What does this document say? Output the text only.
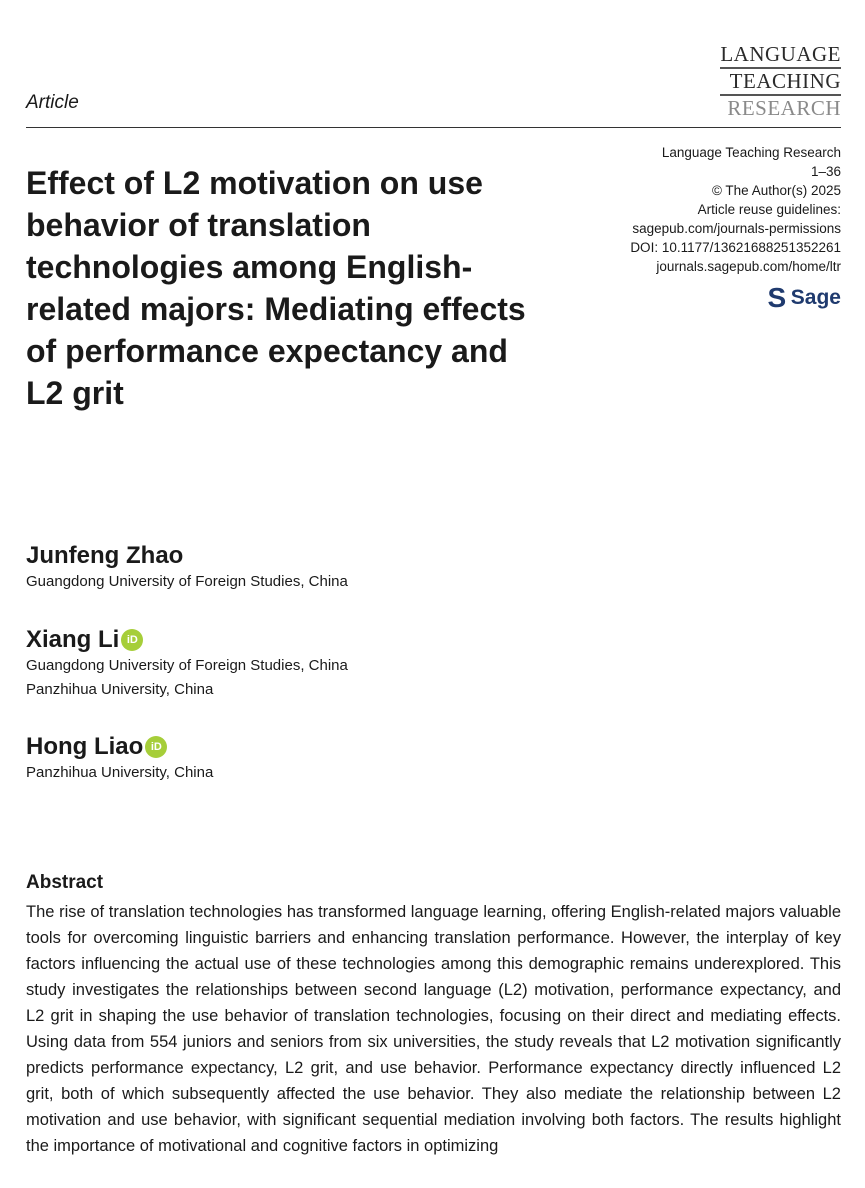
Article
LANGUAGE
TEACHING
RESEARCH
Language Teaching Research
1–36
© The Author(s) 2025
Article reuse guidelines:
sagepub.com/journals-permissions
DOI: 10.1177/13621688251352261
journals.sagepub.com/home/ltr
S Sage
Effect of L2 motivation on use behavior of translation technologies among English-related majors: Mediating effects of performance expectancy and L2 grit
Junfeng Zhao
Guangdong University of Foreign Studies, China
Xiang Li iD
Guangdong University of Foreign Studies, China
Panzhihua University, China
Hong Liao iD
Panzhihua University, China
Abstract

The rise of translation technologies has transformed language learning, offering English-related majors valuable tools for overcoming linguistic barriers and enhancing translation performance. However, the interplay of key factors influencing the actual use of these technologies among this demographic remains underexplored. This study investigates the relationships between second language (L2) motivation, performance expectancy, and L2 grit in shaping the use behavior of translation technologies, focusing on their direct and mediating effects. Using data from 554 juniors and seniors from six universities, the study reveals that L2 motivation significantly predicts performance expectancy, L2 grit, and use behavior. Performance expectancy directly influenced L2 grit, both of which subsequently affected the use behavior. They also mediate the relationship between L2 motivation and use behavior, with significant sequential mediation involving both factors. The results highlight the importance of motivational and cognitive factors in optimizing
